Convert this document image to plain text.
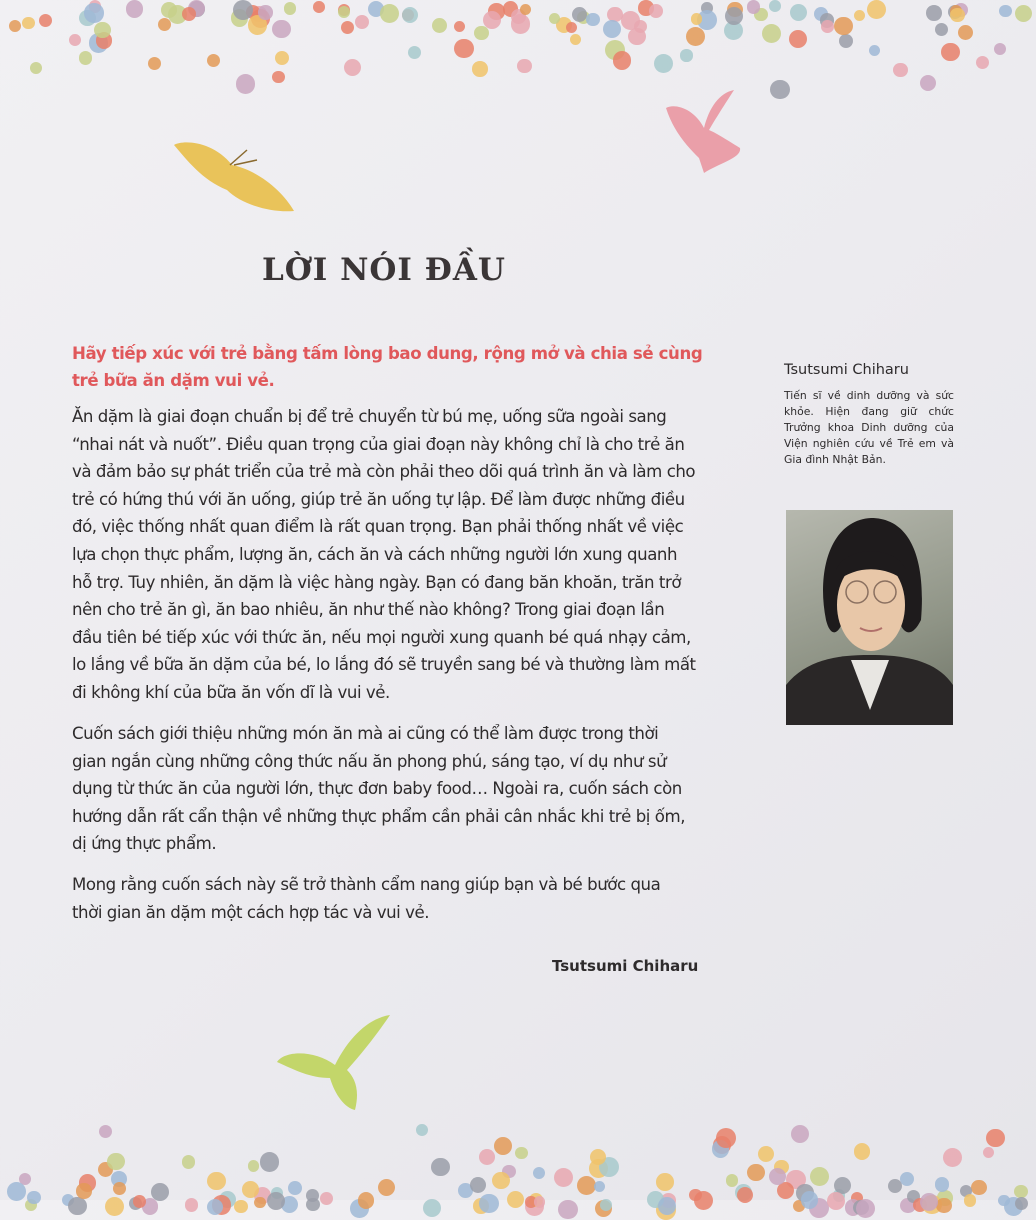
LỜI NÓI ĐẦU
Hãy tiếp xúc với trẻ bằng tấm lòng bao dung, rộng mở và chia sẻ cùng
trẻ bữa ăn dặm vui vẻ.
Ăn dặm là giai đoạn chuẩn bị để trẻ chuyển từ bú mẹ, uống sữa ngoài sang
“nhai nát và nuốt”. Điều quan trọng của giai đoạn này không chỉ là cho trẻ ăn
và đảm bảo sự phát triển của trẻ mà còn phải theo dõi quá trình ăn và làm cho
trẻ có hứng thú với ăn uống, giúp trẻ ăn uống tự lập. Để làm được những điều
đó, việc thống nhất quan điểm là rất quan trọng. Bạn phải thống nhất về việc
lựa chọn thực phẩm, lượng ăn, cách ăn và cách những người lớn xung quanh
hỗ trợ. Tuy nhiên, ăn dặm là việc hàng ngày. Bạn có đang băn khoăn, trăn trở
nên cho trẻ ăn gì, ăn bao nhiêu, ăn như thế nào không? Trong giai đoạn lần
đầu tiên bé tiếp xúc với thức ăn, nếu mọi người xung quanh bé quá nhạy cảm,
lo lắng về bữa ăn dặm của bé, lo lắng đó sẽ truyền sang bé và thường làm mất
đi không khí của bữa ăn vốn dĩ là vui vẻ.
Cuốn sách giới thiệu những món ăn mà ai cũng có thể làm được trong thời
gian ngắn cùng những công thức nấu ăn phong phú, sáng tạo, ví dụ như sử
dụng từ thức ăn của người lớn, thực đơn baby food… Ngoài ra, cuốn sách còn
hướng dẫn rất cẩn thận về những thực phẩm cần phải cân nhắc khi trẻ bị ốm,
dị ứng thực phẩm.
Mong rằng cuốn sách này sẽ trở thành cẩm nang giúp bạn và bé bước qua
thời gian ăn dặm một cách hợp tác và vui vẻ.
Tsutsumi Chiharu
Tsutsumi Chiharu
Tiến sĩ về dinh dưỡng và sức khỏe. Hiện đang giữ chức Trưởng khoa Dinh dưỡng của Viện nghiên cứu về Trẻ em và Gia đình Nhật Bản.
